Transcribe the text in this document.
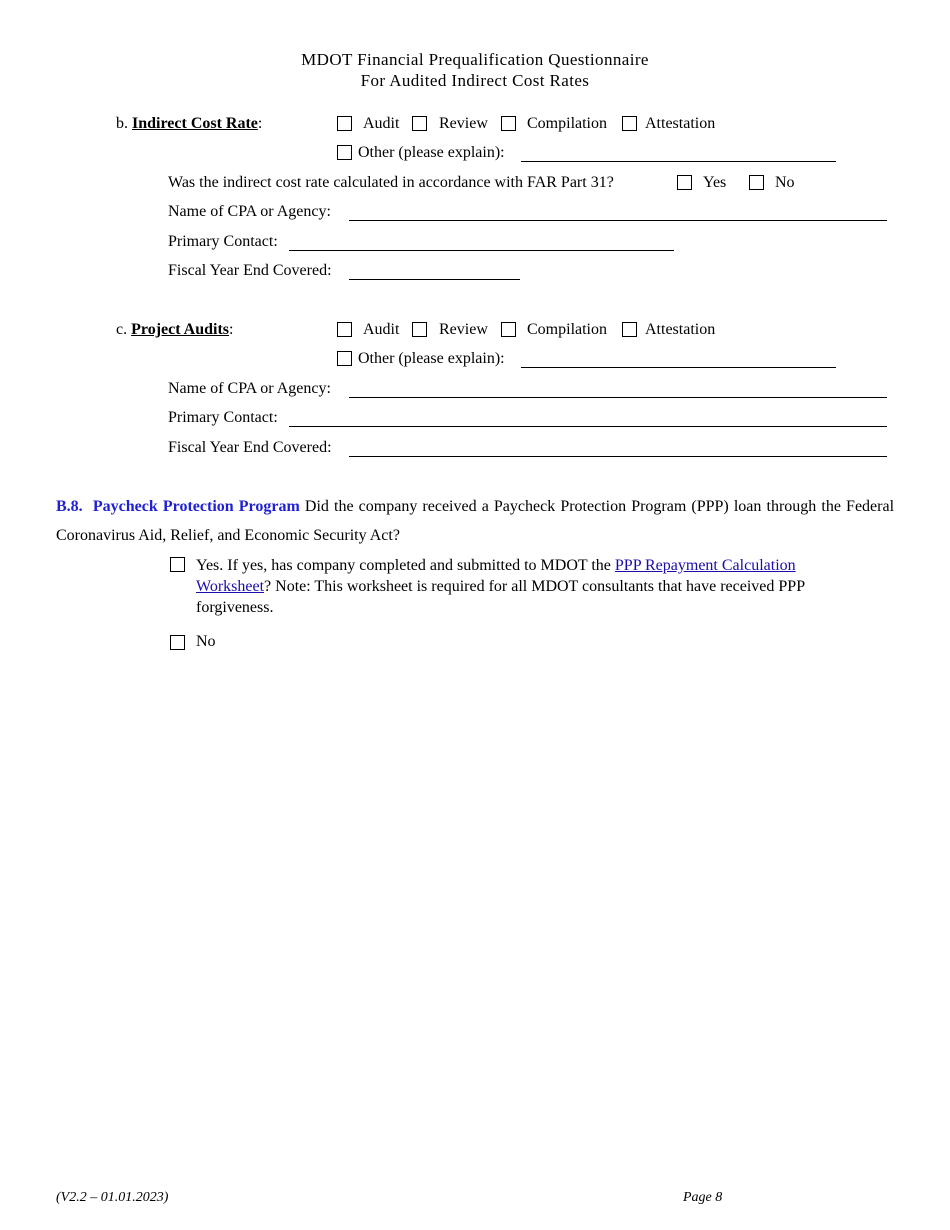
MDOT Financial Prequalification Questionnaire
For Audited Indirect Cost Rates
b. Indirect Cost Rate:	Audit Review Compilation Attestation
Other (please explain):
Was the indirect cost rate calculated in accordance with FAR Part 31?	Yes	No
Name of CPA or Agency:
Primary Contact:
Fiscal Year End Covered:
c. Project Audits:	Audit Review Compilation Attestation
Other (please explain):
Name of CPA or Agency:
Primary Contact:
Fiscal Year End Covered:
B.8. Paycheck Protection Program Did the company received a Paycheck Protection Program (PPP) loan through the Federal Coronavirus Aid, Relief, and Economic Security Act?
Yes. If yes, has company completed and submitted to MDOT the PPP Repayment Calculation Worksheet? Note: This worksheet is required for all MDOT consultants that have received PPP forgiveness.
No
(V2.2 – 01.01.2023)	Page 8
